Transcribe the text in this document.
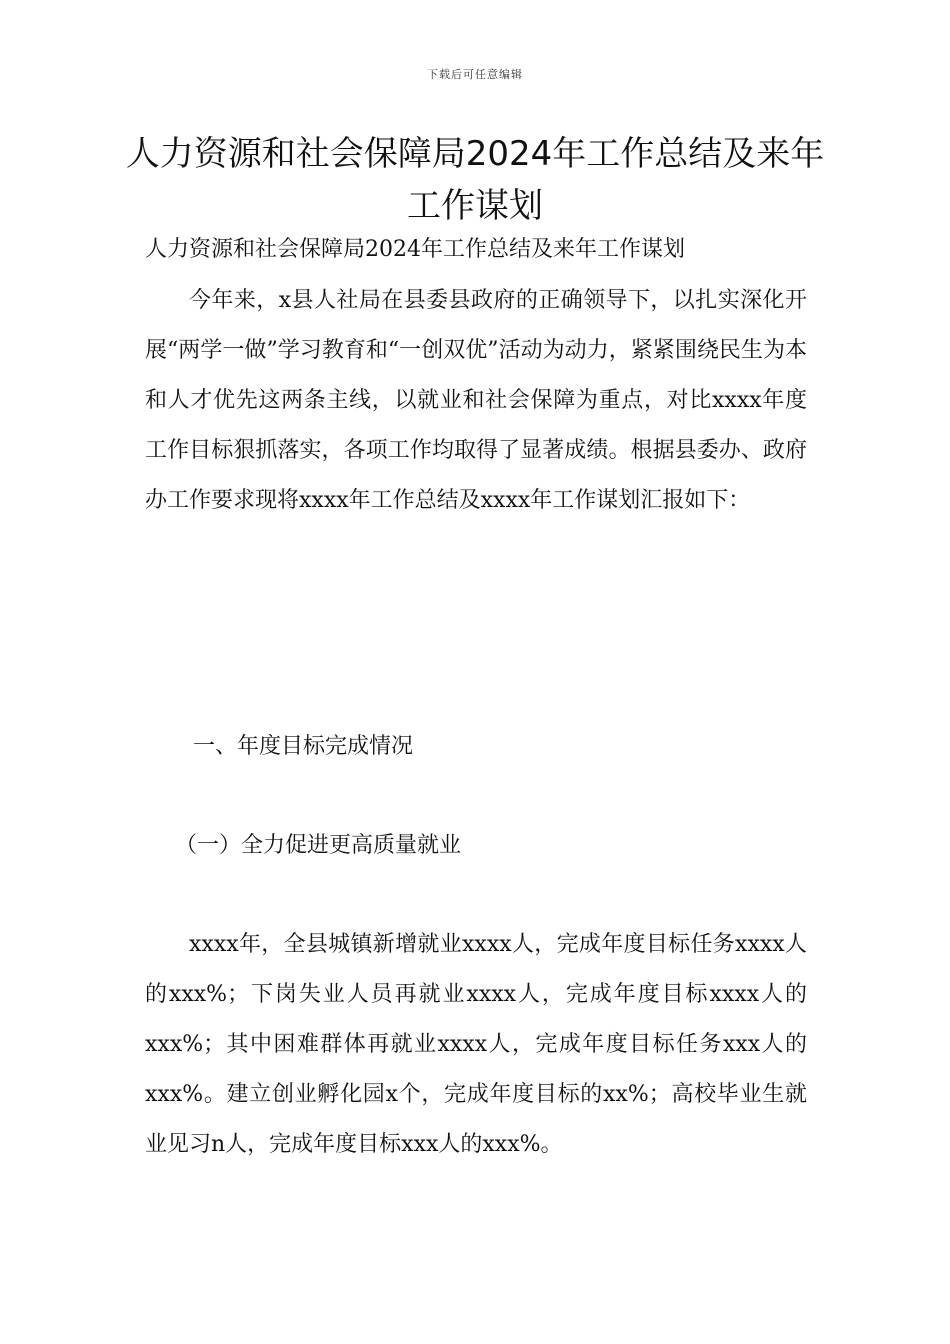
下载后可任意编辑
人力资源和社会保障局2024年工作总结及来年工作谋划
人力资源和社会保障局2024年工作总结及来年工作谋划

今年来，x县人社局在县委县政府的正确领导下，以扎实深化开展“两学一做”学习教育和“一创双优”活动为动力，紧紧围绕民生为本和人才优先这两条主线，以就业和社会保障为重点，对比xxxx年度工作目标狠抓落实，各项工作均取得了显著成绩。根据县委办、政府办工作要求现将xxxx年工作总结及xxxx年工作谋划汇报如下：

一、年度目标完成情况
（一）全力促进更高质量就业

xxxx年，全县城镇新增就业xxxx人，完成年度目标任务xxxx人的xxx%；下岗失业人员再就业xxxx人，完成年度目标xxxx人的xxx%；其中困难群体再就业xxxx人，完成年度目标任务xxx人的xxx%。建立创业孵化园x个，完成年度目标的xx%；高校毕业生就业见习n人，完成年度目标xxx人的xxx%。
